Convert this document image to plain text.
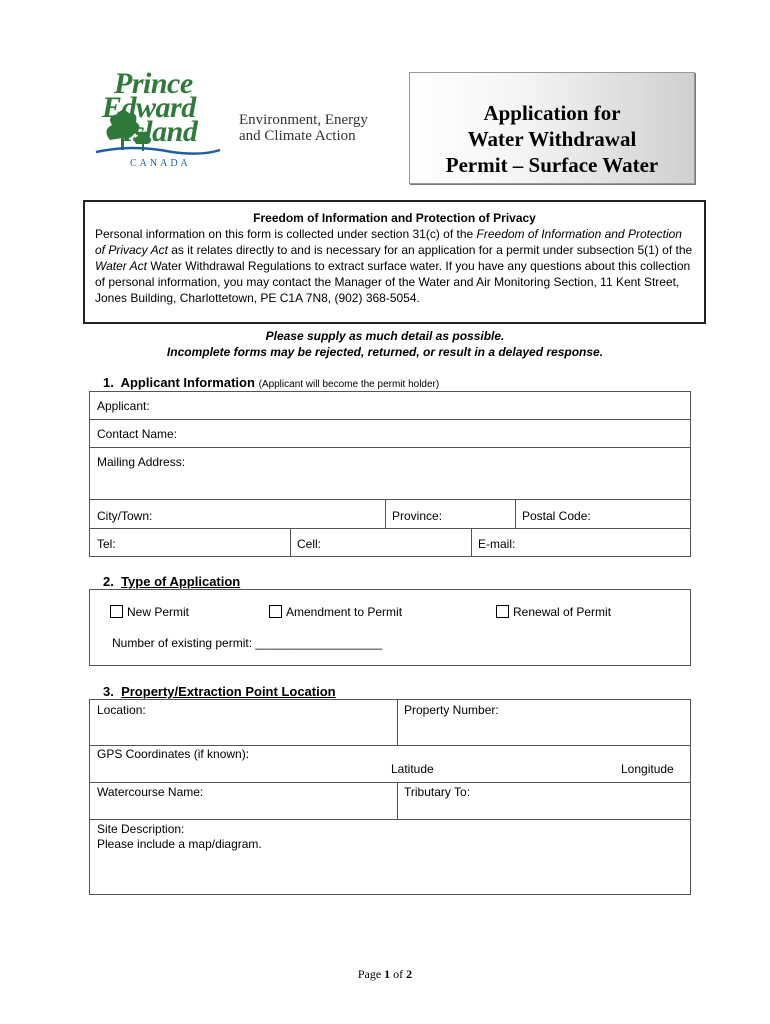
Prince
Edward
Island
CANADA
Environment, Energy
and Climate Action
Application for
Water Withdrawal
Permit – Surface Water
Freedom of Information and Protection of Privacy
Personal information on this form is collected under section 31(c) of the Freedom of Information and Protection of Privacy Act as it relates directly to and is necessary for an application for a permit under subsection 5(1) of the Water Act Water Withdrawal Regulations to extract surface water. If you have any questions about this collection of personal information, you may contact the Manager of the Water and Air Monitoring Section, 11 Kent Street, Jones Building, Charlottetown, PE C1A 7N8, (902) 368-5054.
Please supply as much detail as possible.
Incomplete forms may be rejected, returned, or result in a delayed response.
1. Applicant Information (Applicant will become the permit holder)
Applicant:
Contact Name:
Mailing Address:
City/Town:	Province:	Postal Code:
Tel:	Cell:	E-mail:
2. Type of Application
New Permit	Amendment to Permit	Renewal of Permit
Number of existing permit: ___________________
3. Property/Extraction Point Location
Location:	Property Number:
GPS Coordinates (if known):
Latitude	Longitude
Watercourse Name:	Tributary To:
Site Description:
Please include a map/diagram.
Page 1 of 2
